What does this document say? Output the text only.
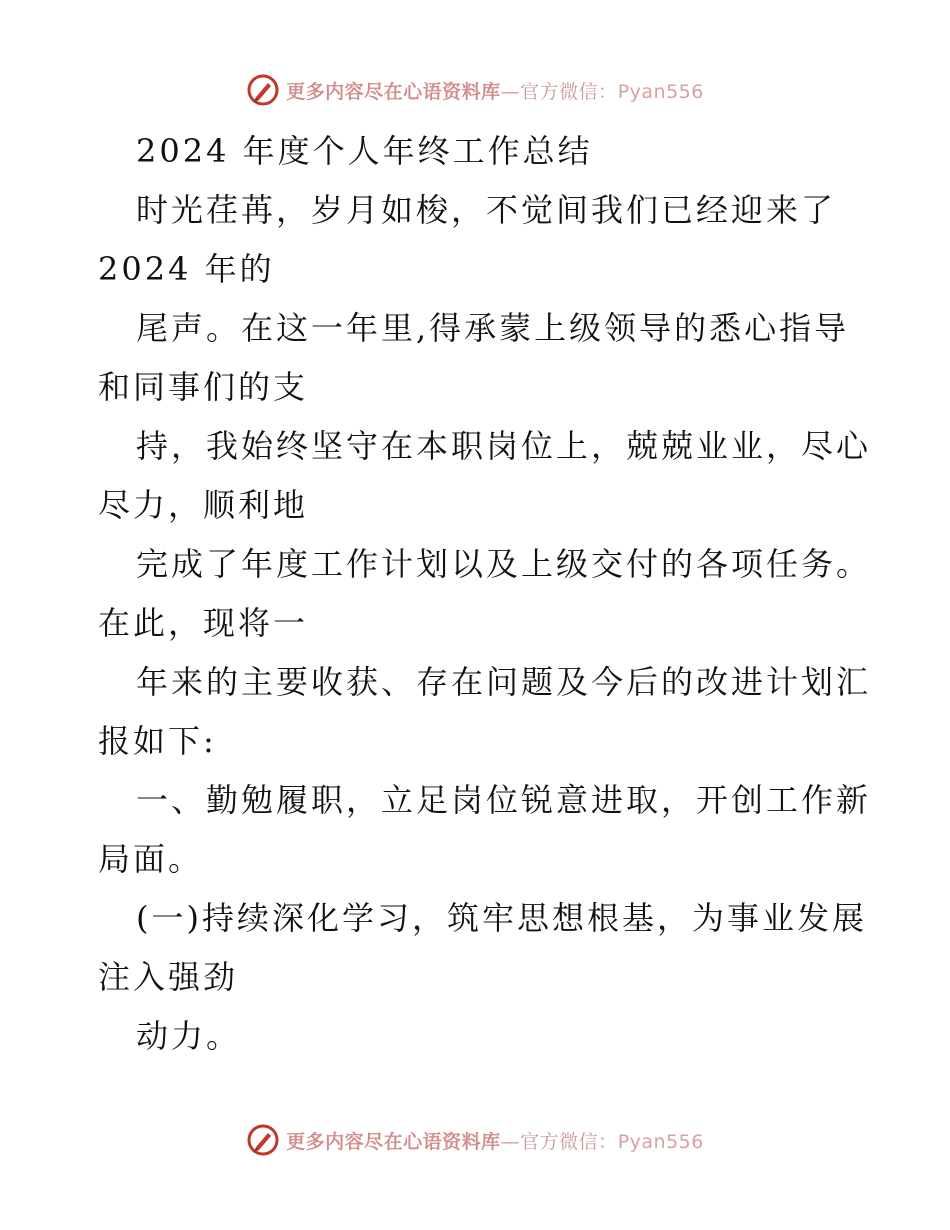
更多内容尽在心语资料库—官方微信：Pyan556
2024 年度个人年终工作总结
时光荏苒，岁月如梭，不觉间我们已经迎来了
2024 年的
尾声。在这一年里,得承蒙上级领导的悉心指导
和同事们的支
持，我始终坚守在本职岗位上，兢兢业业，尽心
尽力，顺利地
完成了年度工作计划以及上级交付的各项任务。
在此，现将一
年来的主要收获、存在问题及今后的改进计划汇
报如下:
一、勤勉履职，立足岗位锐意进取，开创工作新
局面。
(一)持续深化学习，筑牢思想根基，为事业发展
注入强劲
动力。
更多内容尽在心语资料库—官方微信：Pyan556
